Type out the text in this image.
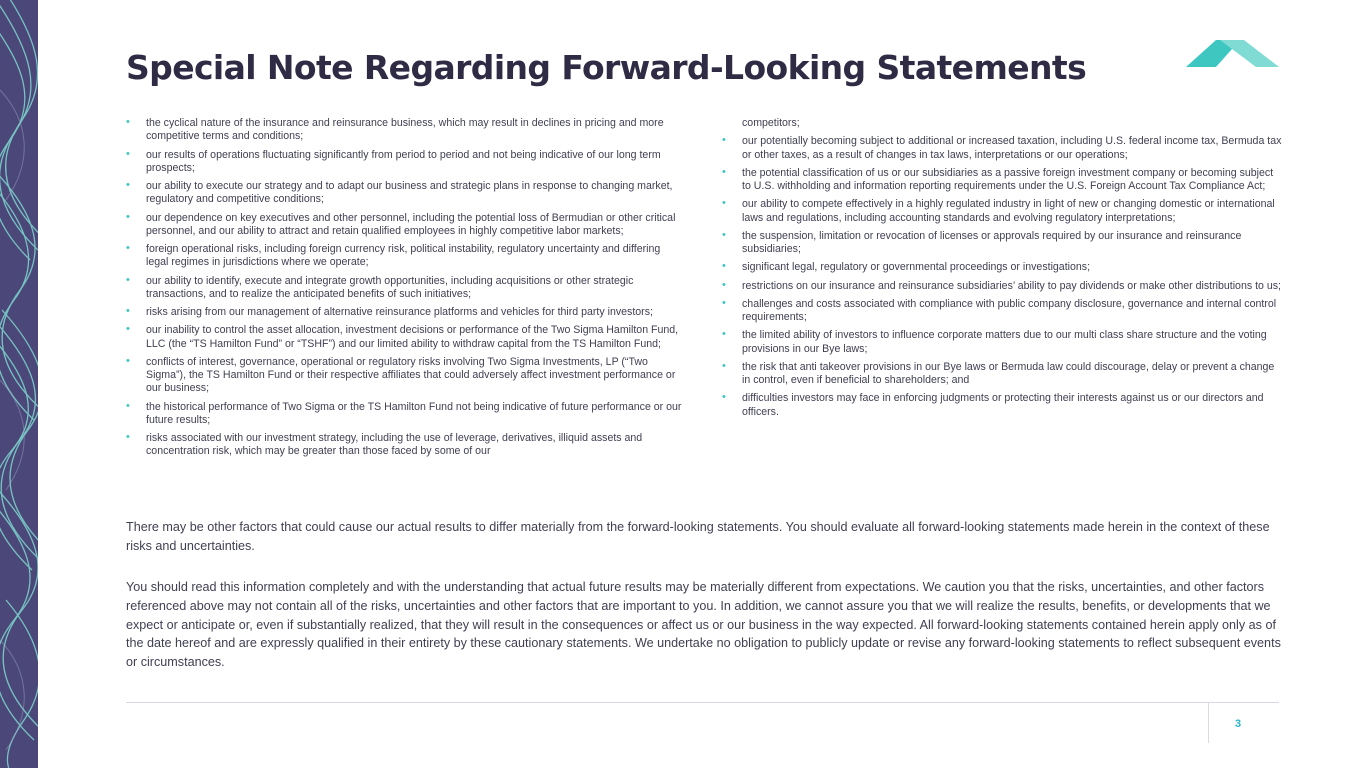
Special Note Regarding Forward-Looking Statements
• the cyclical nature of the insurance and reinsurance business, which may result in declines in pricing and more competitive terms and conditions;
• our results of operations fluctuating significantly from period to period and not being indicative of our long term prospects;
• our ability to execute our strategy and to adapt our business and strategic plans in response to changing market, regulatory and competitive conditions;
• our dependence on key executives and other personnel, including the potential loss of Bermudian or other critical personnel, and our ability to attract and retain qualified employees in highly competitive labor markets;
• foreign operational risks, including foreign currency risk, political instability, regulatory uncertainty and differing legal regimes in jurisdictions where we operate;
• our ability to identify, execute and integrate growth opportunities, including acquisitions or other strategic transactions, and to realize the anticipated benefits of such initiatives;
• risks arising from our management of alternative reinsurance platforms and vehicles for third party investors;
• our inability to control the asset allocation, investment decisions or performance of the Two Sigma Hamilton Fund, LLC (the “TS Hamilton Fund” or “TSHF”) and our limited ability to withdraw capital from the TS Hamilton Fund;
• conflicts of interest, governance, operational or regulatory risks involving Two Sigma Investments, LP (“Two Sigma”), the TS Hamilton Fund or their respective affiliates that could adversely affect investment performance or our business;
• the historical performance of Two Sigma or the TS Hamilton Fund not being indicative of future performance or our future results;
• risks associated with our investment strategy, including the use of leverage, derivatives, illiquid assets and concentration risk, which may be greater than those faced by some of our
competitors;
• our potentially becoming subject to additional or increased taxation, including U.S. federal income tax, Bermuda tax or other taxes, as a result of changes in tax laws, interpretations or our operations;
• the potential classification of us or our subsidiaries as a passive foreign investment company or becoming subject to U.S. withholding and information reporting requirements under the U.S. Foreign Account Tax Compliance Act;
• our ability to compete effectively in a highly regulated industry in light of new or changing domestic or international laws and regulations, including accounting standards and evolving regulatory interpretations;
• the suspension, limitation or revocation of licenses or approvals required by our insurance and reinsurance subsidiaries;
• significant legal, regulatory or governmental proceedings or investigations;
• restrictions on our insurance and reinsurance subsidiaries’ ability to pay dividends or make other distributions to us;
• challenges and costs associated with compliance with public company disclosure, governance and internal control requirements;
• the limited ability of investors to influence corporate matters due to our multi class share structure and the voting provisions in our Bye laws;
• the risk that anti takeover provisions in our Bye laws or Bermuda law could discourage, delay or prevent a change in control, even if beneficial to shareholders; and
• difficulties investors may face in enforcing judgments or protecting their interests against us or our directors and officers.

There may be other factors that could cause our actual results to differ materially from the forward-looking statements. You should evaluate all forward-looking statements made herein in the context of these risks and uncertainties.

You should read this information completely and with the understanding that actual future results may be materially different from expectations. We caution you that the risks, uncertainties, and other factors referenced above may not contain all of the risks, uncertainties and other factors that are important to you. In addition, we cannot assure you that we will realize the results, benefits, or developments that we expect or anticipate or, even if substantially realized, that they will result in the consequences or affect us or our business in the way expected. All forward-looking statements contained herein apply only as of the date hereof and are expressly qualified in their entirety by these cautionary statements. We undertake no obligation to publicly update or revise any forward-looking statements to reflect subsequent events or circumstances.

3
